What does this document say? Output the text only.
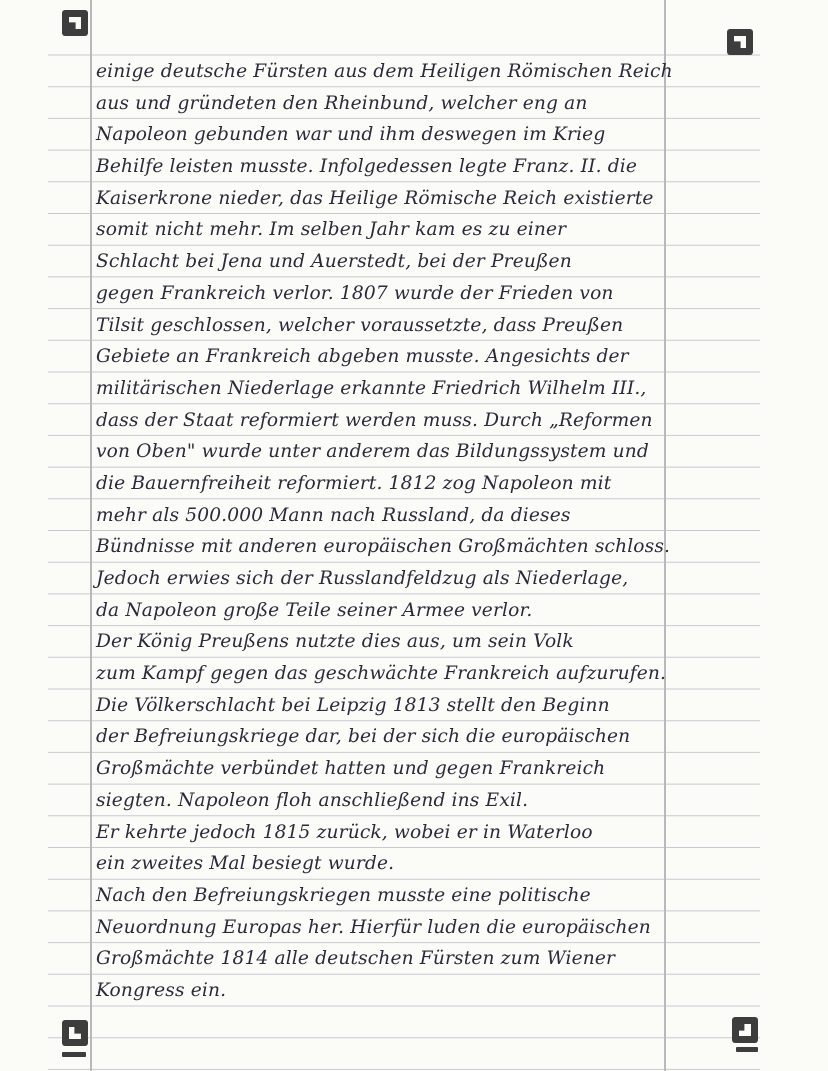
einige deutsche Fürsten aus dem Heiligen Römischen Reich
aus und gründeten den Rheinbund, welcher eng an
Napoleon gebunden war und ihm deswegen im Krieg
Behilfe leisten musste. Infolgedessen legte Franz. II. die
Kaiserkrone nieder, das Heilige Römische Reich existierte
somit nicht mehr. Im selben Jahr kam es zu einer
Schlacht bei Jena und Auerstedt, bei der Preußen
gegen Frankreich verlor. 1807 wurde der Frieden von
Tilsit geschlossen, welcher voraussetzte, dass Preußen
Gebiete an Frankreich abgeben musste. Angesichts der
militärischen Niederlage erkannte Friedrich Wilhelm III.,
dass der Staat reformiert werden muss. Durch „Reformen
von Oben" wurde unter anderem das Bildungssystem und
die Bauernfreiheit reformiert. 1812 zog Napoleon mit
mehr als 500.000 Mann nach Russland, da dieses
Bündnisse mit anderen europäischen Großmächten schloss.
Jedoch erwies sich der Russlandfeldzug als Niederlage,
da Napoleon große Teile seiner Armee verlor.
Der König Preußens nutzte dies aus, um sein Volk
zum Kampf gegen das geschwächte Frankreich aufzurufen.
Die Völkerschlacht bei Leipzig 1813 stellt den Beginn
der Befreiungskriege dar, bei der sich die europäischen
Großmächte verbündet hatten und gegen Frankreich
siegten. Napoleon floh anschließend ins Exil.
Er kehrte jedoch 1815 zurück, wobei er in Waterloo
ein zweites Mal besiegt wurde.
Nach den Befreiungskriegen musste eine politische
Neuordnung Europas her. Hierfür luden die europäischen
Großmächte 1814 alle deutschen Fürsten zum Wiener
Kongress ein.
